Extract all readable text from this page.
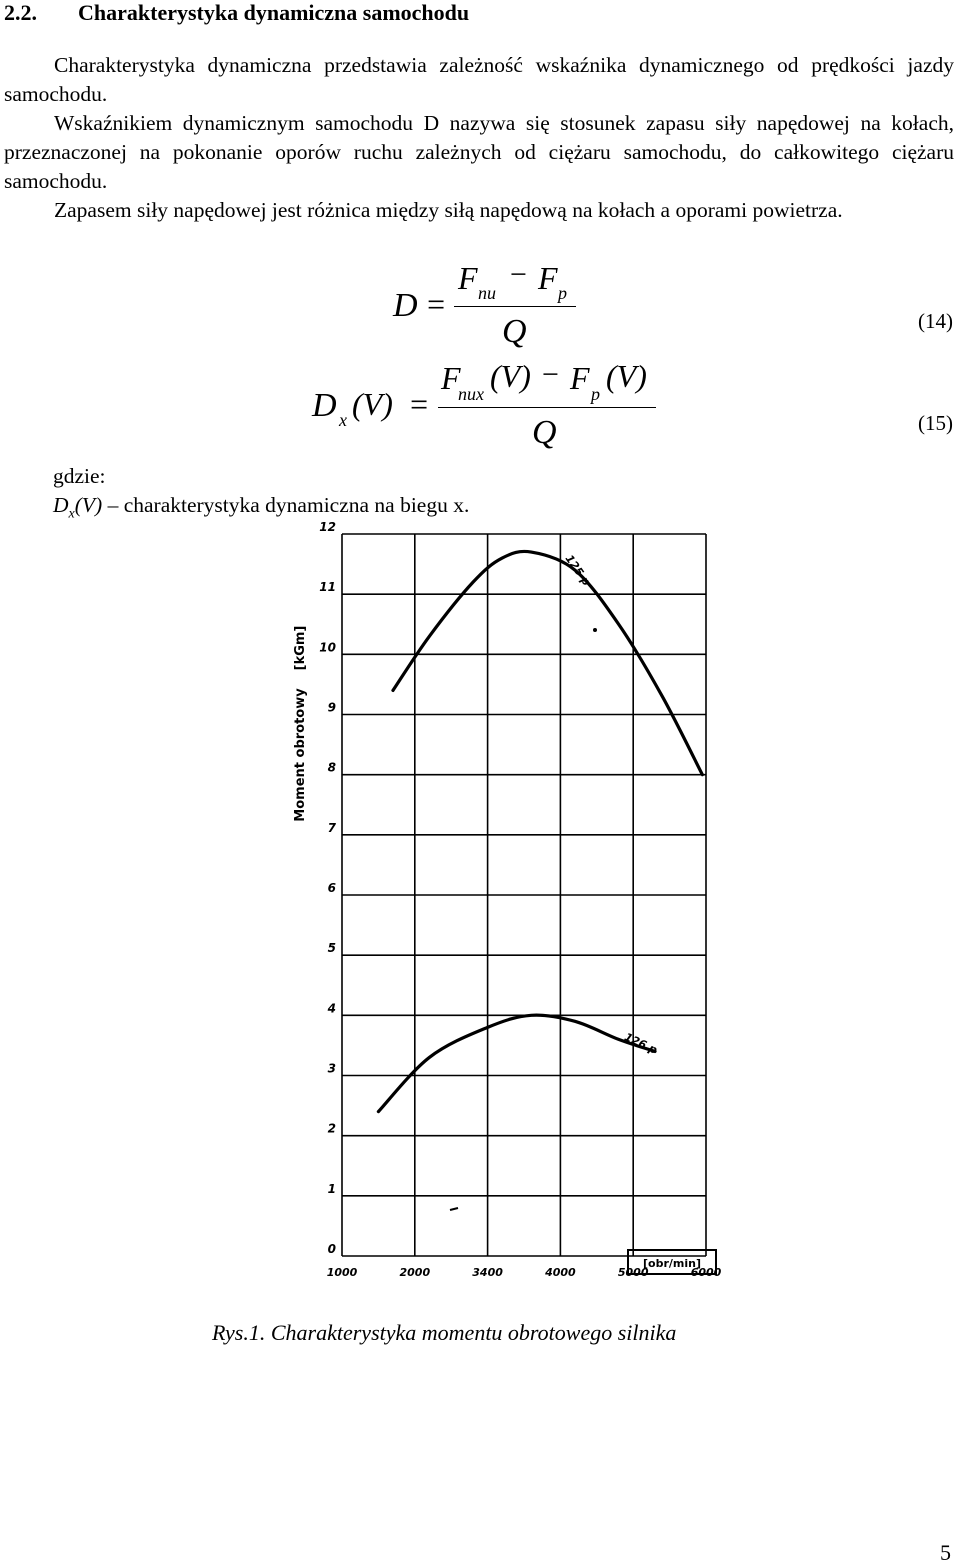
2.2. Charakterystyka dynamiczna samochodu
Charakterystyka dynamiczna przedstawia zależność wskaźnika dynamicznego od prędkości jazdy samochodu.
Wskaźnikiem dynamicznym samochodu D nazywa się stosunek zapasu siły napędowej na kołach, przeznaczonej na pokonanie oporów ruchu zależnych od ciężaru samochodu, do całkowitego ciężaru samochodu.
Zapasem siły napędowej jest różnica między siłą napędową na kołach a oporami powietrza.
D =
F nu
− F p
Q	(14)
D x (V) =
F
nux (V) − F p (V)
Q	(15)
gdzie:
$D_x(V)$ – charakterystyka dynamiczna na biegu x.
0
1
2
3
4
5
6
7
8
9
10
11
12
1000	2000	3400	4000	5000	6000
125 p
126 p
Moment obrotowy
[kGm]
[obr/min]
Rys.1. Charakterystyka momentu obrotowego silnika
5
